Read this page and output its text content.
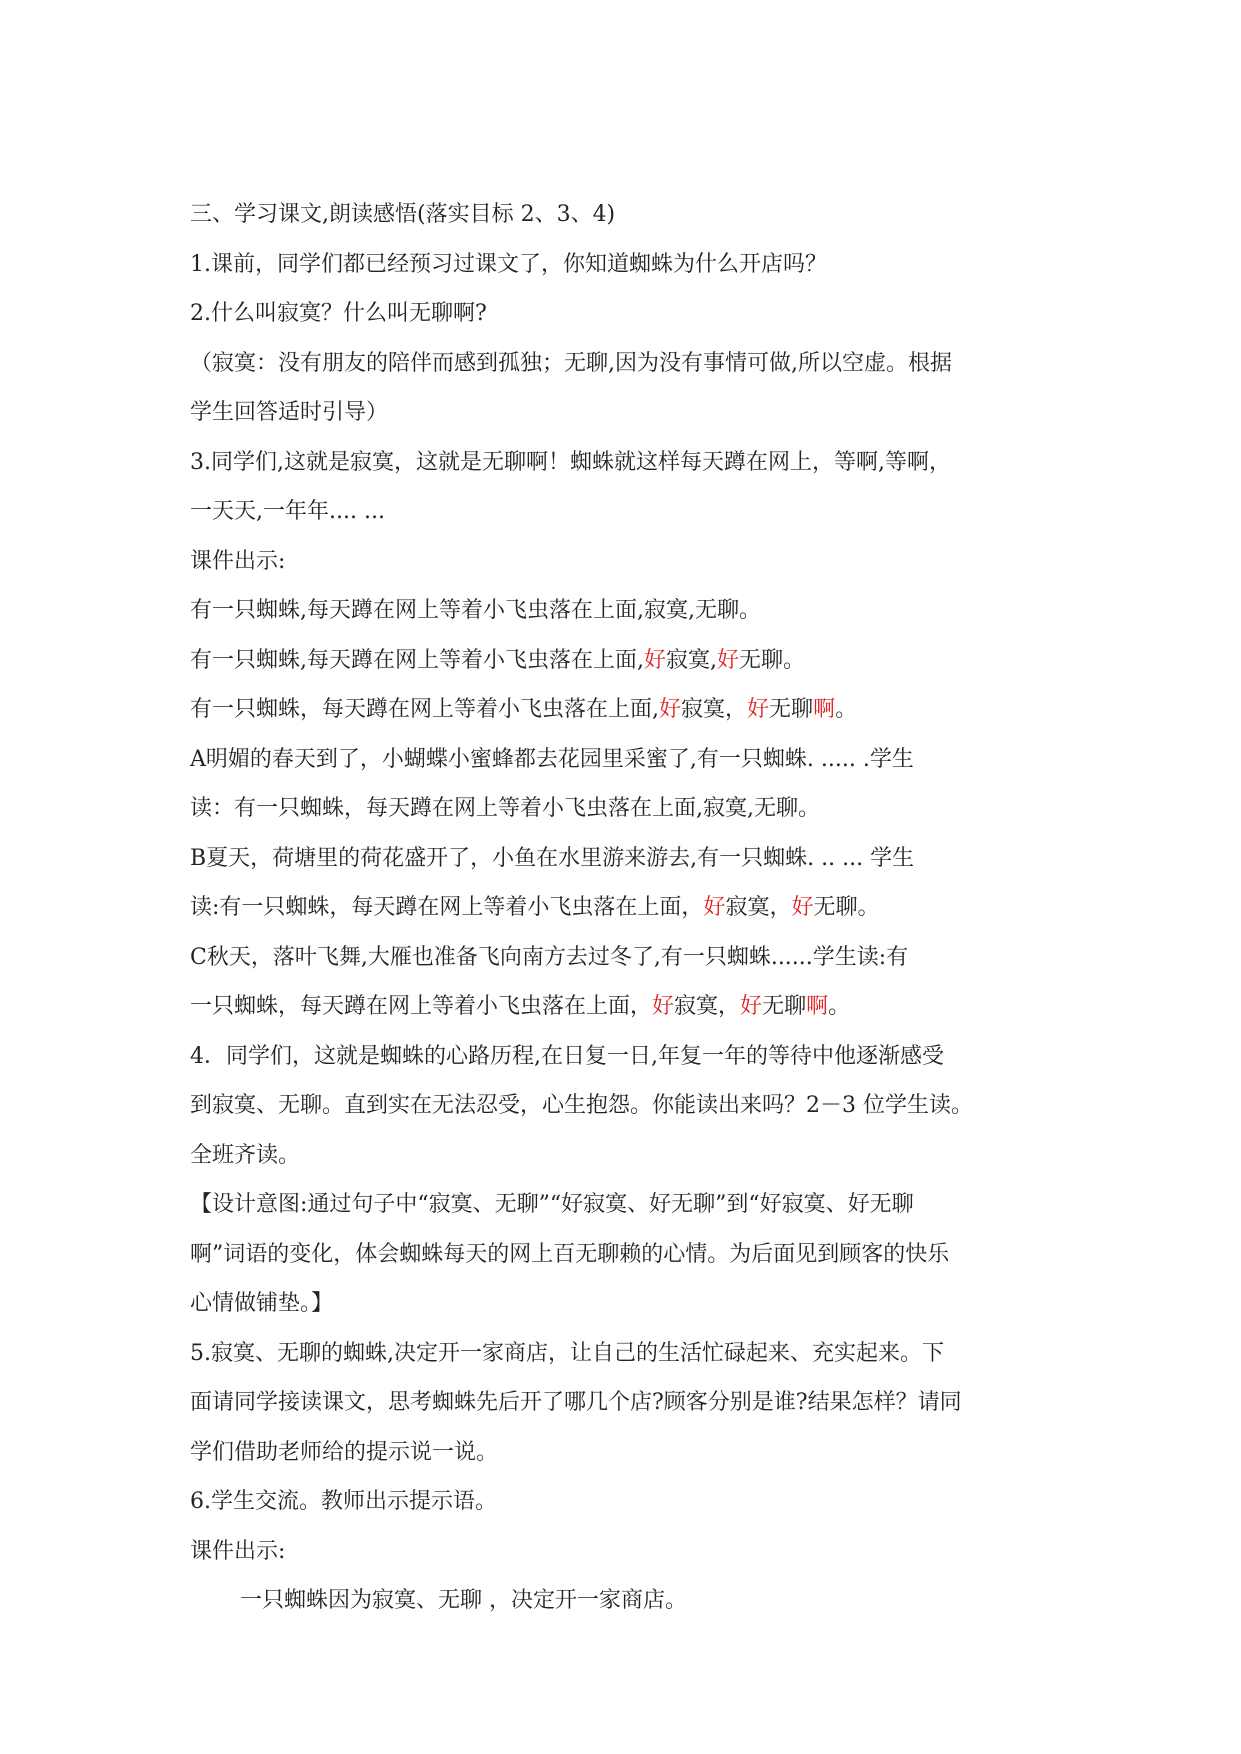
三、学习课文,朗读感悟(落实目标 2、3、4)
1.课前，同学们都已经预习过课文了，你知道蜘蛛为什么开店吗？
2.什么叫寂寞？什么叫无聊啊?
（寂寞：没有朋友的陪伴而感到孤独；无聊,因为没有事情可做,所以空虚。根据
学生回答适时引导）
3.同学们,这就是寂寞，这就是无聊啊！蜘蛛就这样每天蹲在网上，等啊,等啊，
一天天,一年年.... ...
课件出示:
有一只蜘蛛,每天蹲在网上等着小飞虫落在上面,寂寞,无聊。
有一只蜘蛛,每天蹲在网上等着小飞虫落在上面,好寂寞,好无聊。
有一只蜘蛛，每天蹲在网上等着小飞虫落在上面,好寂寞，好无聊啊。
A明媚的春天到了，小蝴蝶小蜜蜂都去花园里采蜜了,有一只蜘蛛. ..... .学生
读：有一只蜘蛛，每天蹲在网上等着小飞虫落在上面,寂寞,无聊。
B夏天，荷塘里的荷花盛开了，小鱼在水里游来游去,有一只蜘蛛. .. ... 学生
读:有一只蜘蛛，每天蹲在网上等着小飞虫落在上面，好寂寞，好无聊。
C秋天，落叶飞舞,大雁也准备飞向南方去过冬了,有一只蜘蛛......学生读:有
一只蜘蛛，每天蹲在网上等着小飞虫落在上面，好寂寞，好无聊啊。
4．同学们，这就是蜘蛛的心路历程,在日复一日,年复一年的等待中他逐渐感受
到寂寞、无聊。直到实在无法忍受，心生抱怨。你能读出来吗？2－3 位学生读。
全班齐读。
【设计意图:通过句子中“寂寞、无聊”“好寂寞、好无聊”到“好寂寞、好无聊
啊”词语的变化，体会蜘蛛每天的网上百无聊赖的心情。为后面见到顾客的快乐
心情做铺垫。】
5.寂寞、无聊的蜘蛛,决定开一家商店，让自己的生活忙碌起来、充实起来。下
面请同学接读课文，思考蜘蛛先后开了哪几个店?顾客分别是谁?结果怎样？请同
学们借助老师给的提示说一说。
6.学生交流。教师出示提示语。
课件出示:
一只蜘蛛因为寂寞、无聊 ，决定开一家商店。
